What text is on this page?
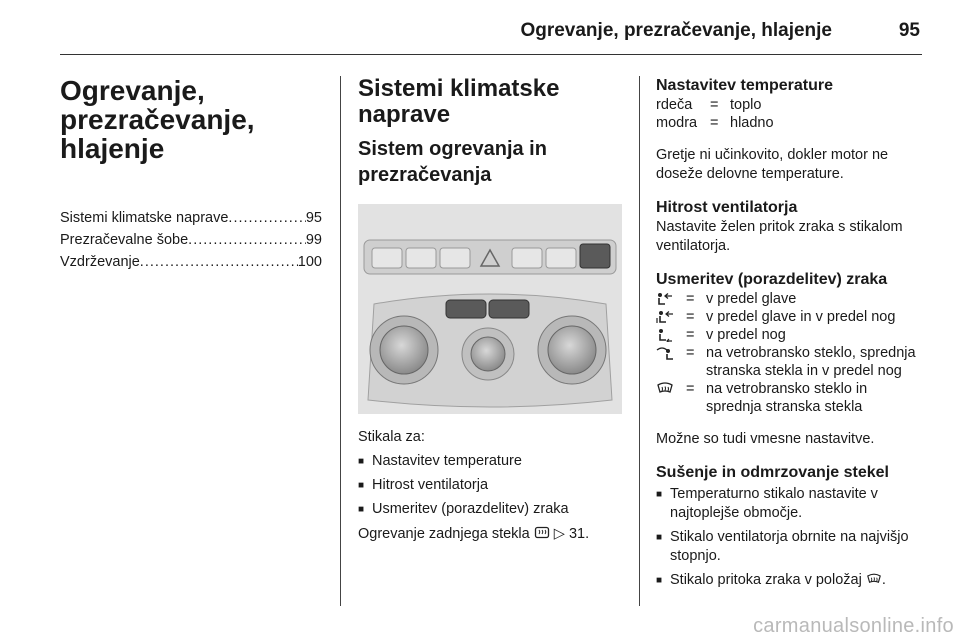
Ogrevanje, prezračevanje, hlajenje	95
Ogrevanje,
prezračevanje,
hlajenje
Sistemi klimatske naprave .....	95
Prezračevalne šobe .....	99
Vzdrževanje .....	100
Sistemi klimatske
naprave
Sistem ogrevanja in
prezračevanja

Stikala za:

■ Nastavitev temperature
■ Hitrost ventilatorja
■ Usmeritev (porazdelitev) zraka

Ogrevanje zadnjega stekla ▷ 31.

Nastavitev temperature
rdeča	= toplo
modra = hladno

Gretje ni učinkovito, dokler motor ne doseže delovne temperature.

Hitrost ventilatorja

Nastavite želen pritok zraka s stikalom ventilatorja.

Usmeritev (porazdelitev) zraka
= v predel glave
= v predel glave in v predel nog
= v predel nog
= na vetrobransko steklo, sprednja stranska stekla in v predel nog
= na vetrobransko steklo in sprednja stranska stekla

Možne so tudi vmesne nastavitve.

Sušenje in odmrzovanje stekel
■ Temperaturno stikalo nastavite v najtoplejše območje.
■ Stikalo ventilatorja obrnite na najvišjo stopnjo.
■ Stikalo pritoka zraka v položaj .
carmanualsonline.info
